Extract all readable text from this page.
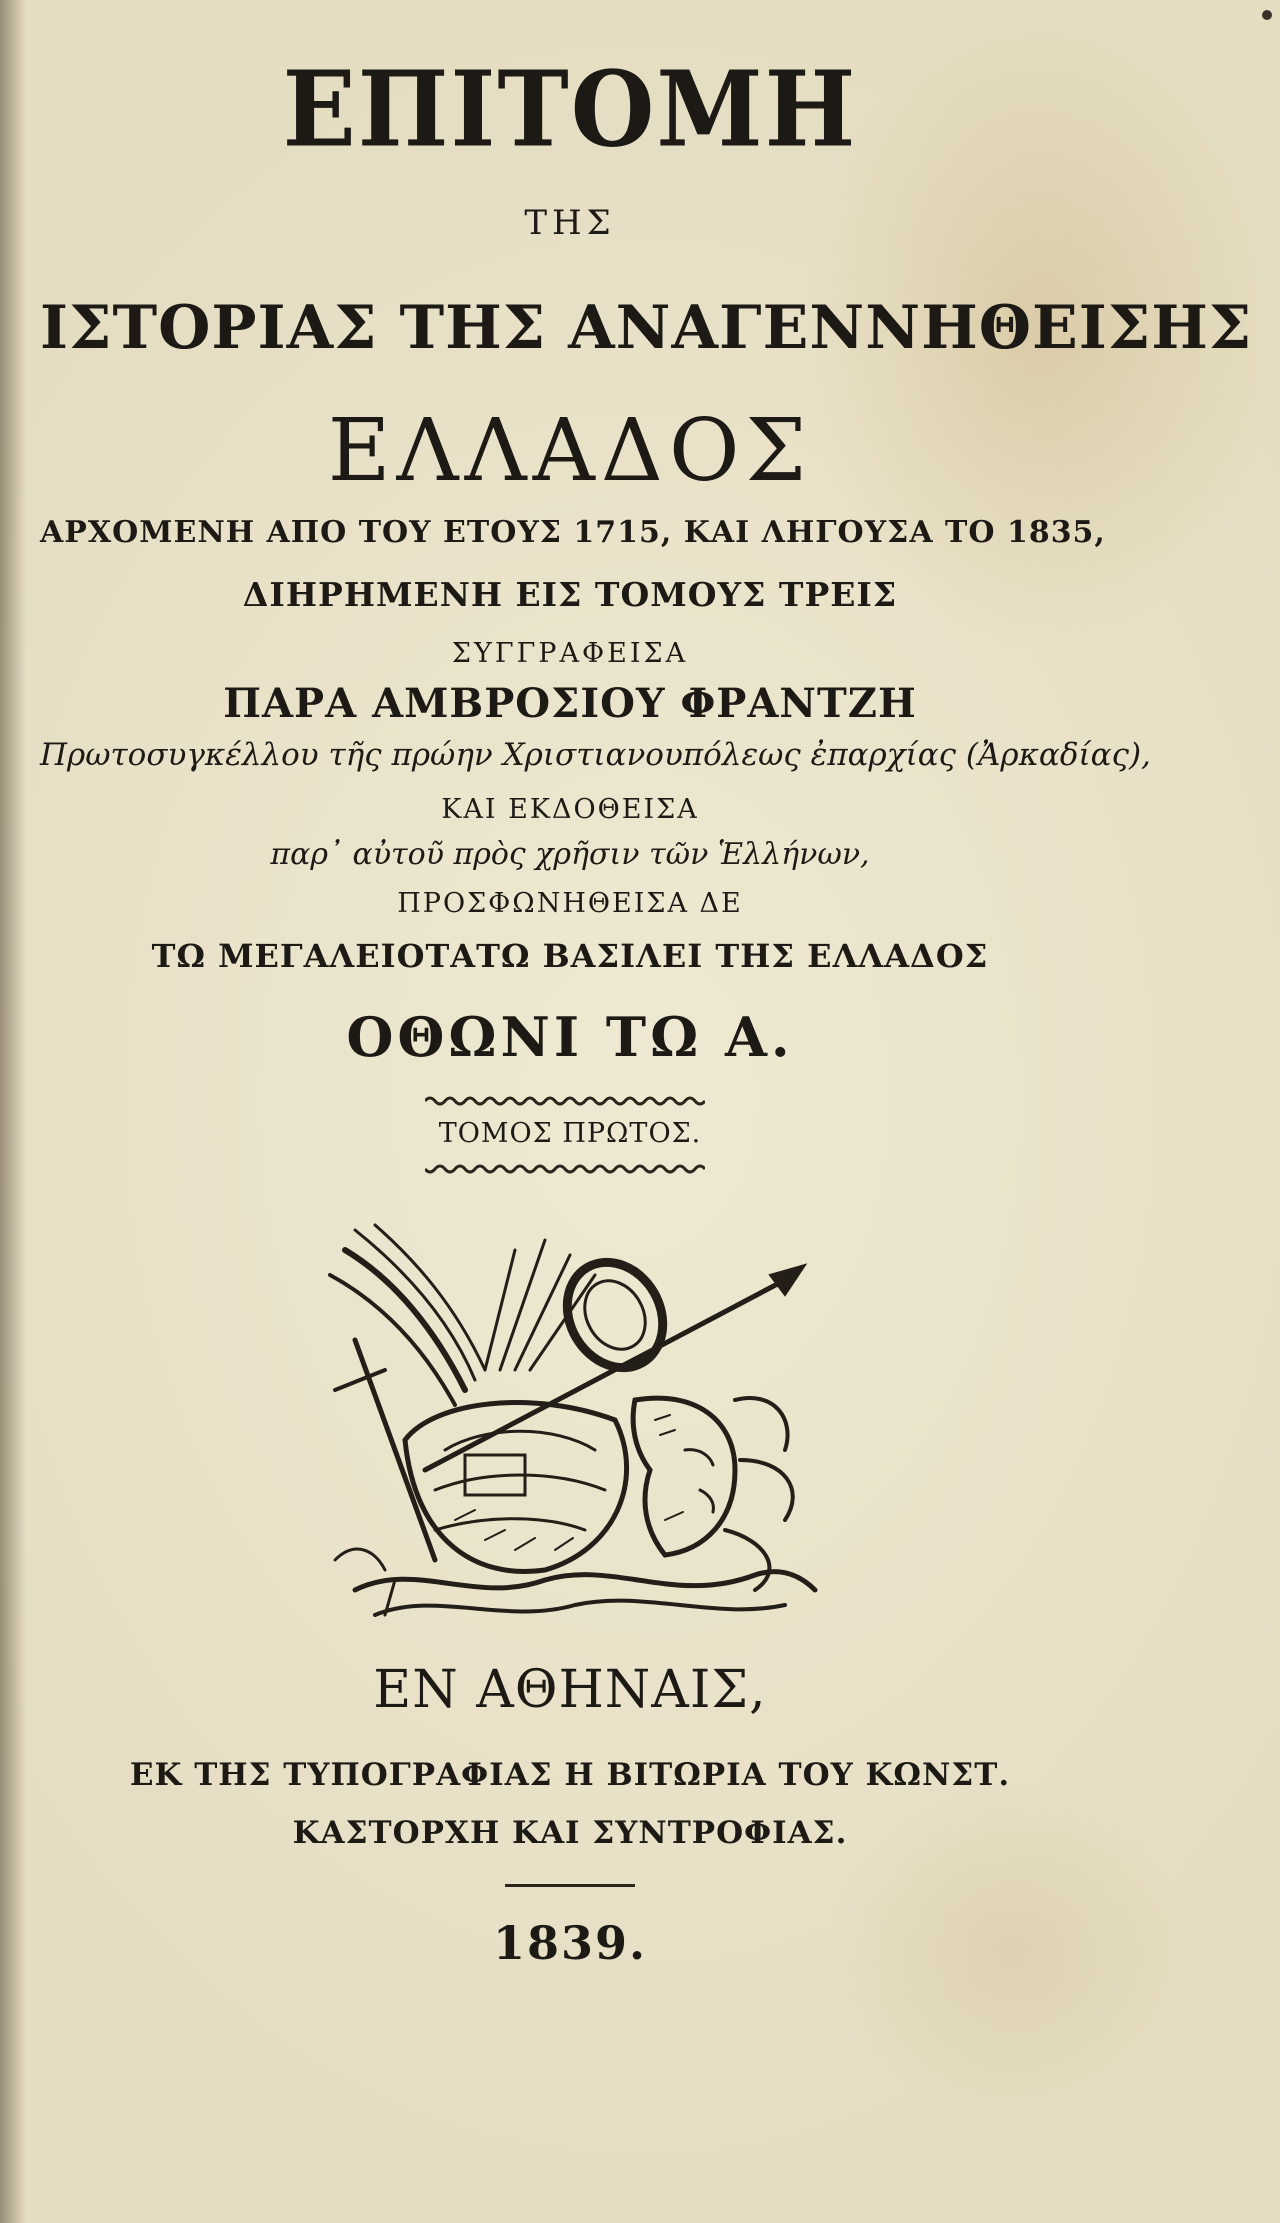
ΕΠΙΤΟΜΗ
ΤΗΣ
ΙΣΤΟΡΙΑΣ ΤΗΣ ΑΝΑΓΕΝΝΗΘΕΙΣΗΣ
ΕΛΛΑΔΟΣ
ΑΡΧΟΜΕΝΗ ΑΠΟ ΤΟΥ ΕΤΟΥΣ 1715, ΚΑΙ ΛΗΓΟΥΣΑ ΤΟ 1835,
ΔΙΗΡΗΜΕΝΗ ΕΙΣ ΤΟΜΟΥΣ ΤΡΕΙΣ
ΣΥΓΓΡΑΦΕΙΣΑ
ΠΑΡΑ ΑΜΒΡΟΣΙΟΥ ΦΡΑΝΤΖΗ
Πρωτοσυγκέλλου τῆς πρώην Χριστιανουπόλεως ἐπαρχίας (Ἀρκαδίας),
ΚΑΙ ΕΚΔΟΘΕΙΣΑ
παρ᾽ αὐτοῦ πρὸς χρῆσιν τῶν Ἑλλήνων,
ΠΡΟΣΦΩΝΗΘΕΙΣΑ ΔΕ
ΤΩ ΜΕΓΑΛΕΙΟΤΑΤΩ ΒΑΣΙΛΕΙ ΤΗΣ ΕΛΛΑΔΟΣ
ΟΘΩΝΙ ΤΩ Α.
ΤΟΜΟΣ ΠΡΩΤΟΣ.
ΕΝ ΑΘΗΝΑΙΣ,
ΕΚ ΤΗΣ ΤΥΠΟΓΡΑΦΙΑΣ Η ΒΙΤΩΡΙΑ ΤΟΥ ΚΩΝΣΤ.
ΚΑΣΤΟΡΧΗ ΚΑΙ ΣΥΝΤΡΟΦΙΑΣ.
1839.
